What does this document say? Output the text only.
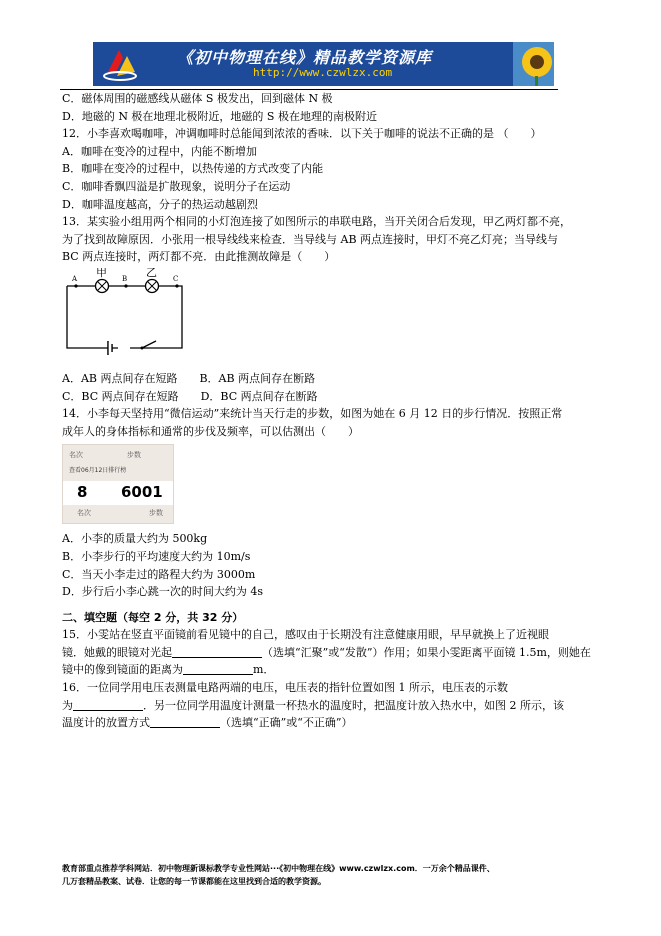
《初中物理在线》精品教学资源库
http://www.czwlzx.com
C．磁体周围的磁感线从磁体 S 极发出，回到磁体 N 极
D．地磁的 N 极在地理北极附近，地磁的 S 极在地理的南极附近
12．小李喜欢喝咖啡，冲调咖啡时总能闻到浓浓的香味．以下关于咖啡的说法不正确的是 （　　）
A．咖啡在变冷的过程中，内能不断增加
B．咖啡在变冷的过程中，以热传递的方式改变了内能
C．咖啡香飘四溢是扩散现象，说明分子在运动
D．咖啡温度越高，分子的热运动越剧烈
13．某实验小组用两个相同的小灯泡连接了如图所示的串联电路，当开关闭合后发现，甲乙两灯都不亮，
为了找到故障原因．小张用一根导线线来检查．当导线与 AB 两点连接时，甲灯不亮乙灯亮；当导线与
BC 两点连接时，两灯都不亮．由此推测故障是（　　）
A	B	C
甲	乙
A．AB 两点间存在短路　　B．AB 两点间存在断路
C．BC 两点间存在短路　　D．BC 两点间存在断路
14．小李每天坚持用“微信运动”来统计当天行走的步数，如图为她在 6 月 12 日的步行情况．按照正常
成年人的身体指标和通常的步伐及频率，可以估测出（　　）
名次	步数
查看06月12日排行榜
8 6001
名次	步数
A．小李的质量大约为 500kg
B．小李步行的平均速度大约为 10m/s
C．当天小李走过的路程大约为 3000m
D．步行后小李心跳一次的时间大约为 4s
二、填空题（每空 2 分，共 32 分）
15．小雯站在竖直平面镜前看见镜中的自己，感叹由于长期没有注意健康用眼，早早就换上了近视眼
镜．她戴的眼镜对光起	（选填“汇聚”或“发散”）作用；如果小雯距离平面镜 1.5m，则她在
镜中的像到镜面的距离为	m．
16．一位同学用电压表测量电路两端的电压，电压表的指针位置如图 1 所示，电压表的示数
为	．另一位同学用温度计测量一杯热水的温度时，把温度计放入热水中，如图 2 所示，该
温度计的放置方式	（选填“正确”或“不正确”）
教育部重点推荐学科网站．初中物理新课标教学专业性网站···《初中物理在线》www.czwlzx.com．一万余个精品课件、
几万套精品教案、试卷．让您的每一节课都能在这里找到合适的教学资源。
